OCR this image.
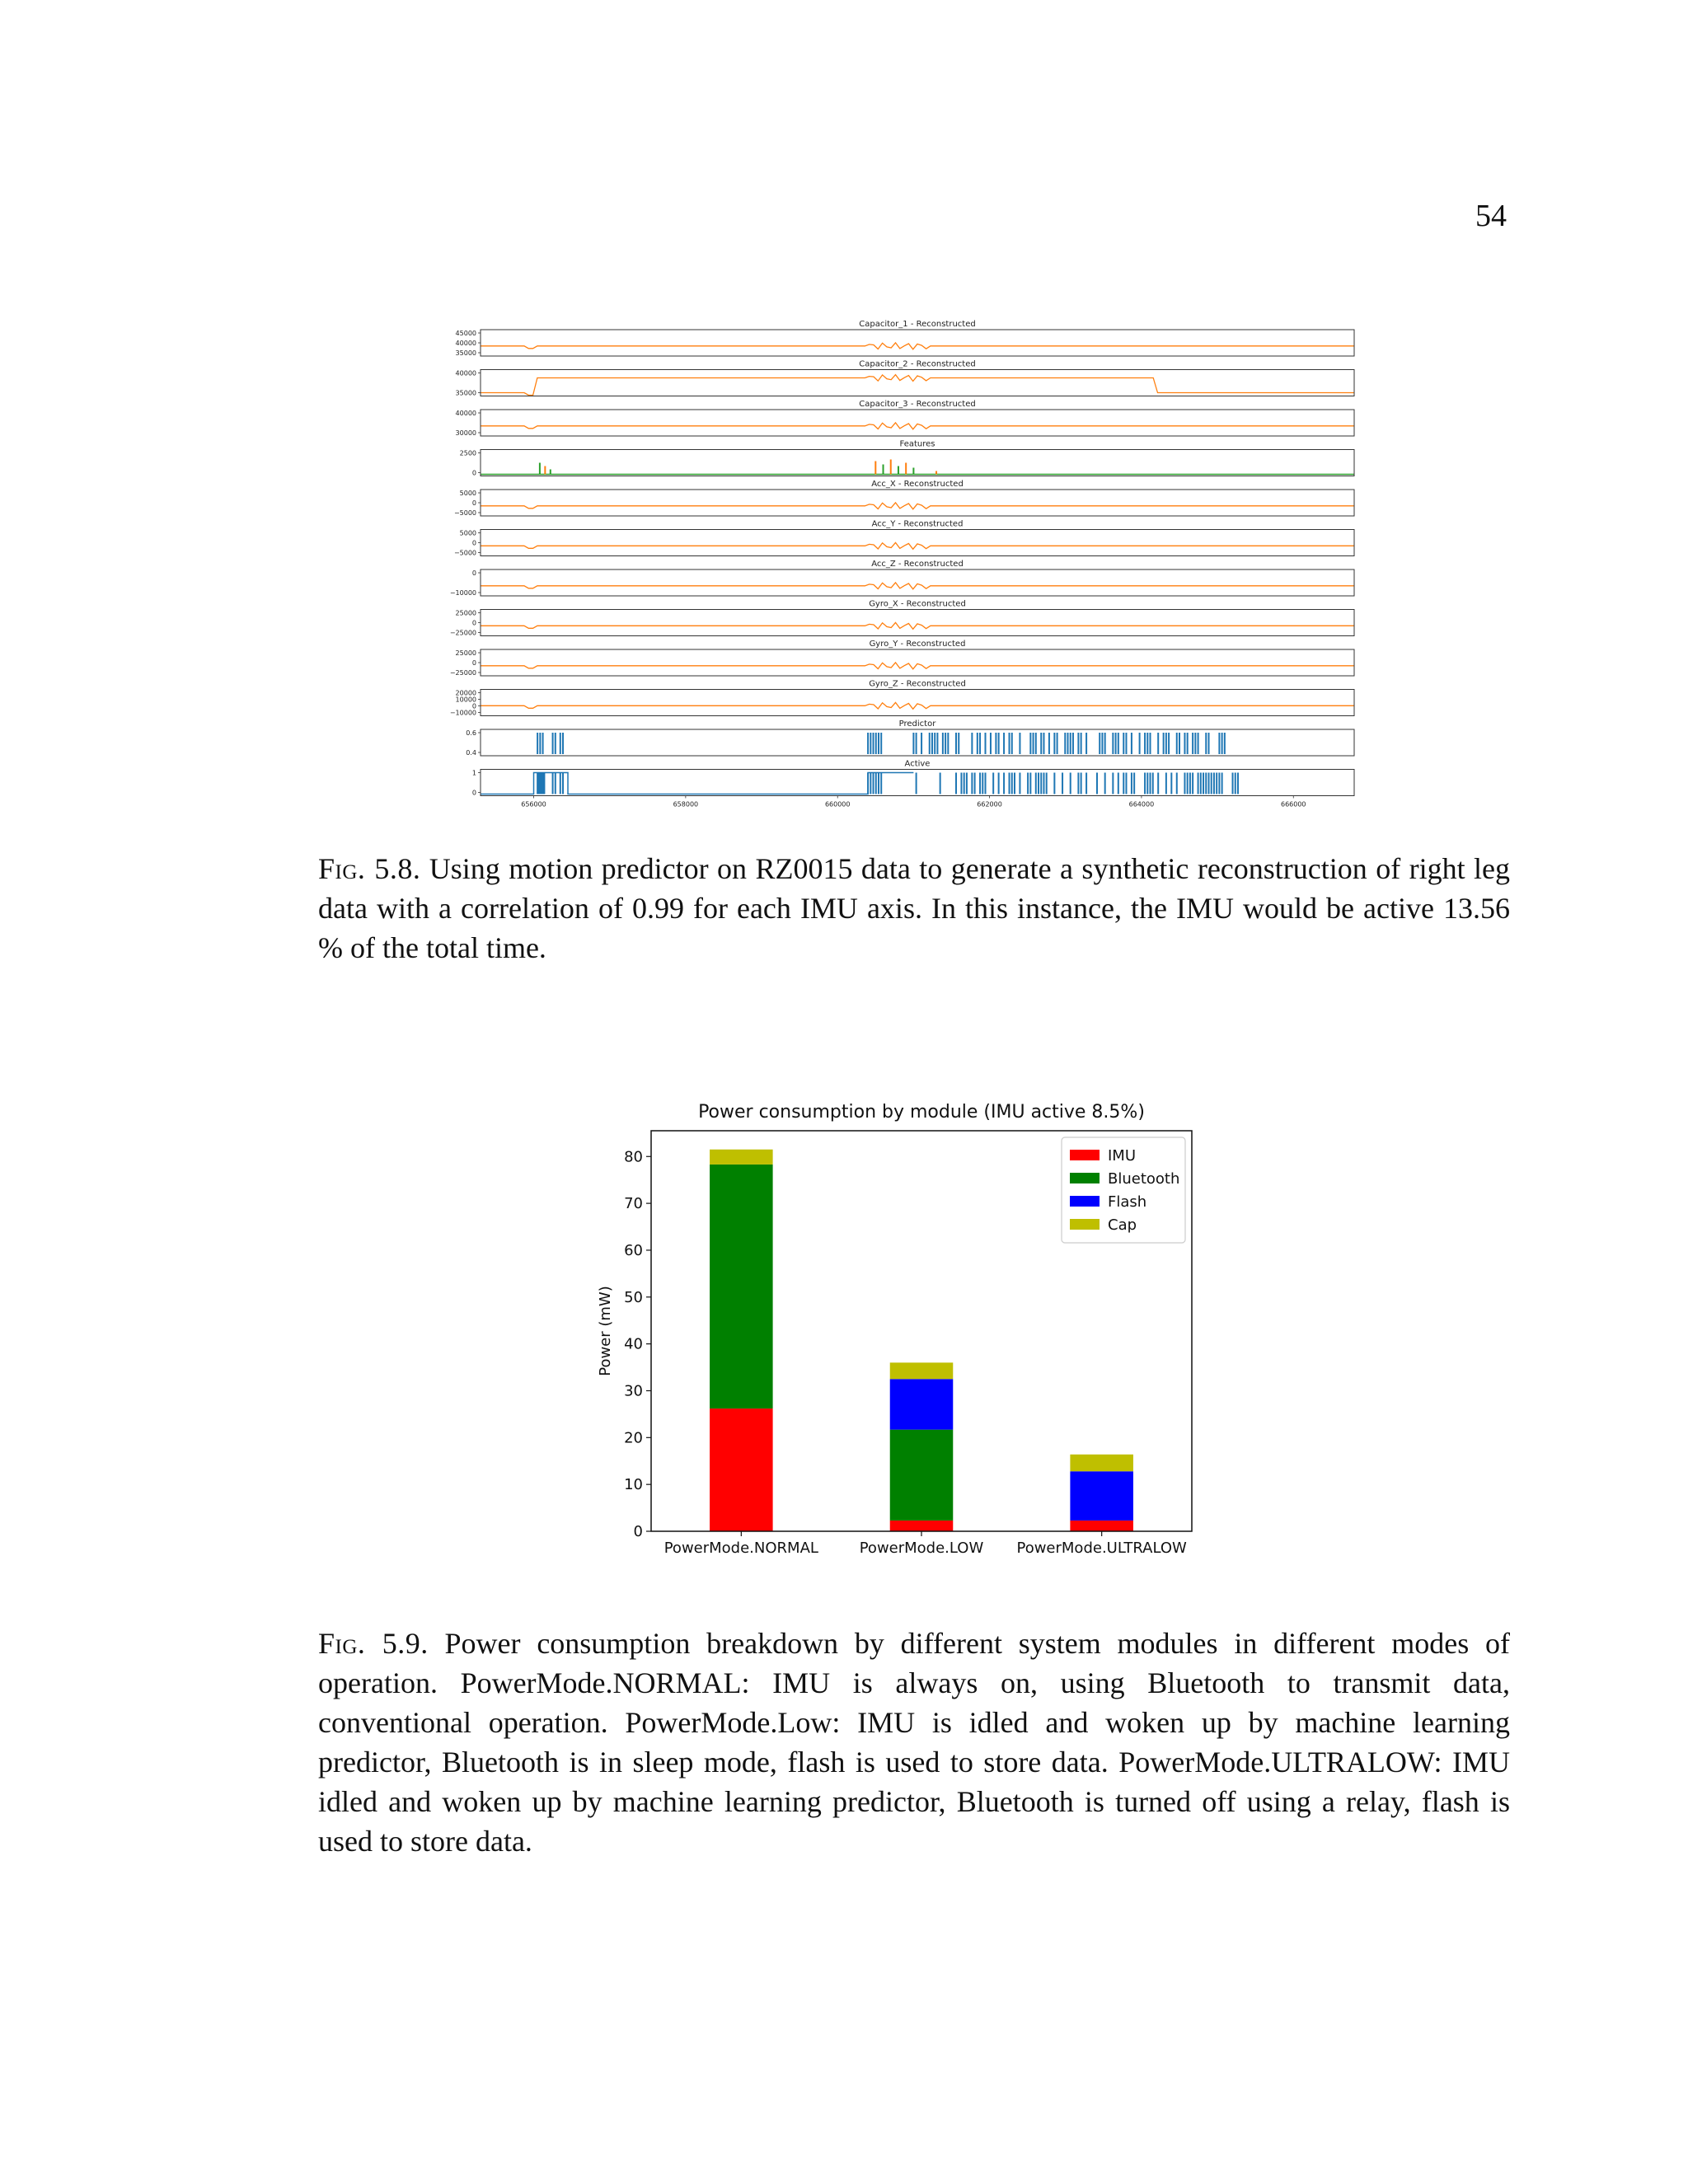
54
Capacitor_1 - Reconstructed
45000
40000
35000
Capacitor_2 - Reconstructed
40000
35000
Capacitor_3 - Reconstructed
40000
30000
Features
2500
0
Acc_X - Reconstructed
5000
0
−5000
Acc_Y - Reconstructed
5000
0
−5000
Acc_Z - Reconstructed
0
−10000
Gyro_X - Reconstructed
25000
0
−25000
Gyro_Y - Reconstructed
25000
0
−25000
Gyro_Z - Reconstructed
20000
10000
0
−10000
Predictor
0.6
0.4
Active
1
0
656000	658000	660000	662000	664000	666000
Fig. 5.8. Using motion predictor on RZ0015 data to generate a synthetic reconstruction of right leg data with a correlation of 0.99 for each IMU axis. In this instance, the IMU would be active 13.56 % of the total time.
Power consumption by module (IMU active 8.5%)
Power (mW)
0
10
20
30
40
50
60
70
80
PowerMode.NORMAL	PowerMode.LOW PowerMode.ULTRALOW
IMU
Bluetooth
Flash
Cap
Fig. 5.9. Power consumption breakdown by different system modules in different modes of operation. PowerMode.NORMAL: IMU is always on, using Bluetooth to transmit data, conventional operation. PowerMode.Low: IMU is idled and woken up by machine learning predictor, Bluetooth is in sleep mode, flash is used to store data. PowerMode.ULTRALOW: IMU idled and woken up by machine learning predictor, Bluetooth is turned off using a relay, flash is used to store data.
